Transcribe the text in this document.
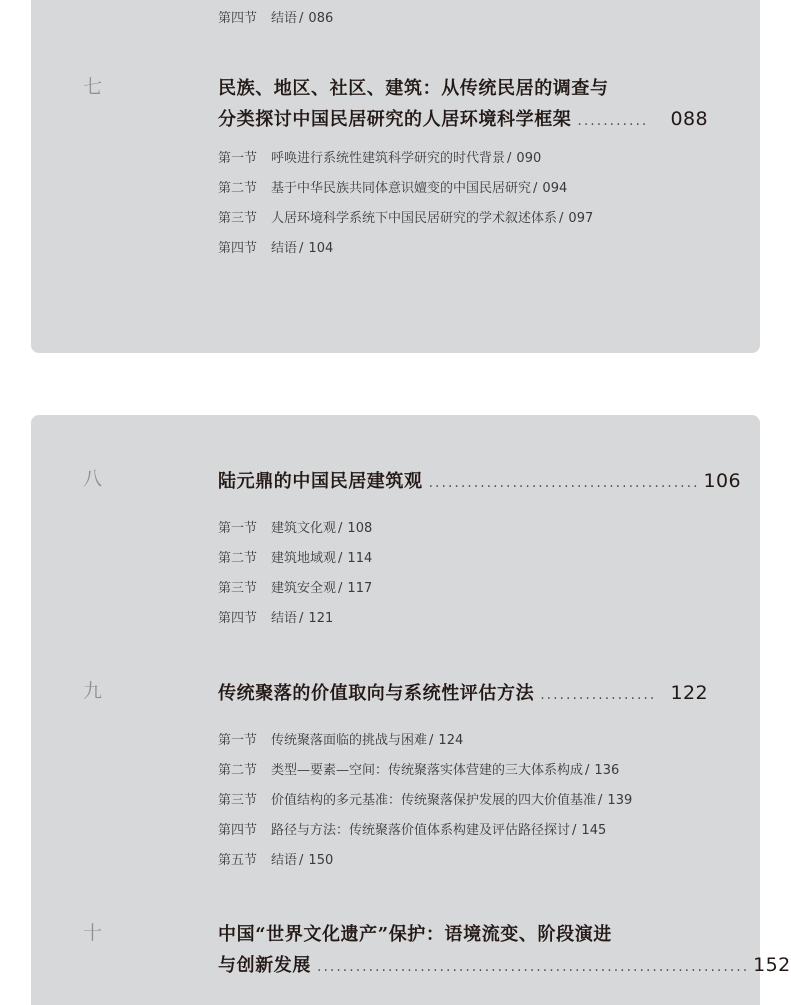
第四节 结语 / 086
七	民族、地区、社区、建筑：从传统民居的调查与
分类探讨中国民居研究的人居环境科学框架 ...........	088
第一节 呼唤进行系统性建筑科学研究的时代背景 / 090
第二节 基于中华民族共同体意识嬗变的中国民居研究 / 094
第三节 人居环境科学系统下中国民居研究的学术叙述体系 / 097
第四节 结语 / 104
八	陆元鼎的中国民居建筑观 .......................................... 106
第一节 建筑文化观 / 108
第二节 建筑地域观 / 114
第三节 建筑安全观 / 117
第四节 结语 / 121
九	传统聚落的价值取向与系统性评估方法 .................. 122
第一节 传统聚落面临的挑战与困难 / 124
第二节 类型—要素—空间：传统聚落实体营建的三大体系构成 / 136
第三节 价值结构的多元基准：传统聚落保护发展的四大价值基准 / 139
第四节 路径与方法：传统聚落价值体系构建及评估路径探讨 / 145
第五节 结语 / 150
十	中国“世界文化遗产”保护：语境流变、阶段演进
与创新发展 ................................................................... 152
